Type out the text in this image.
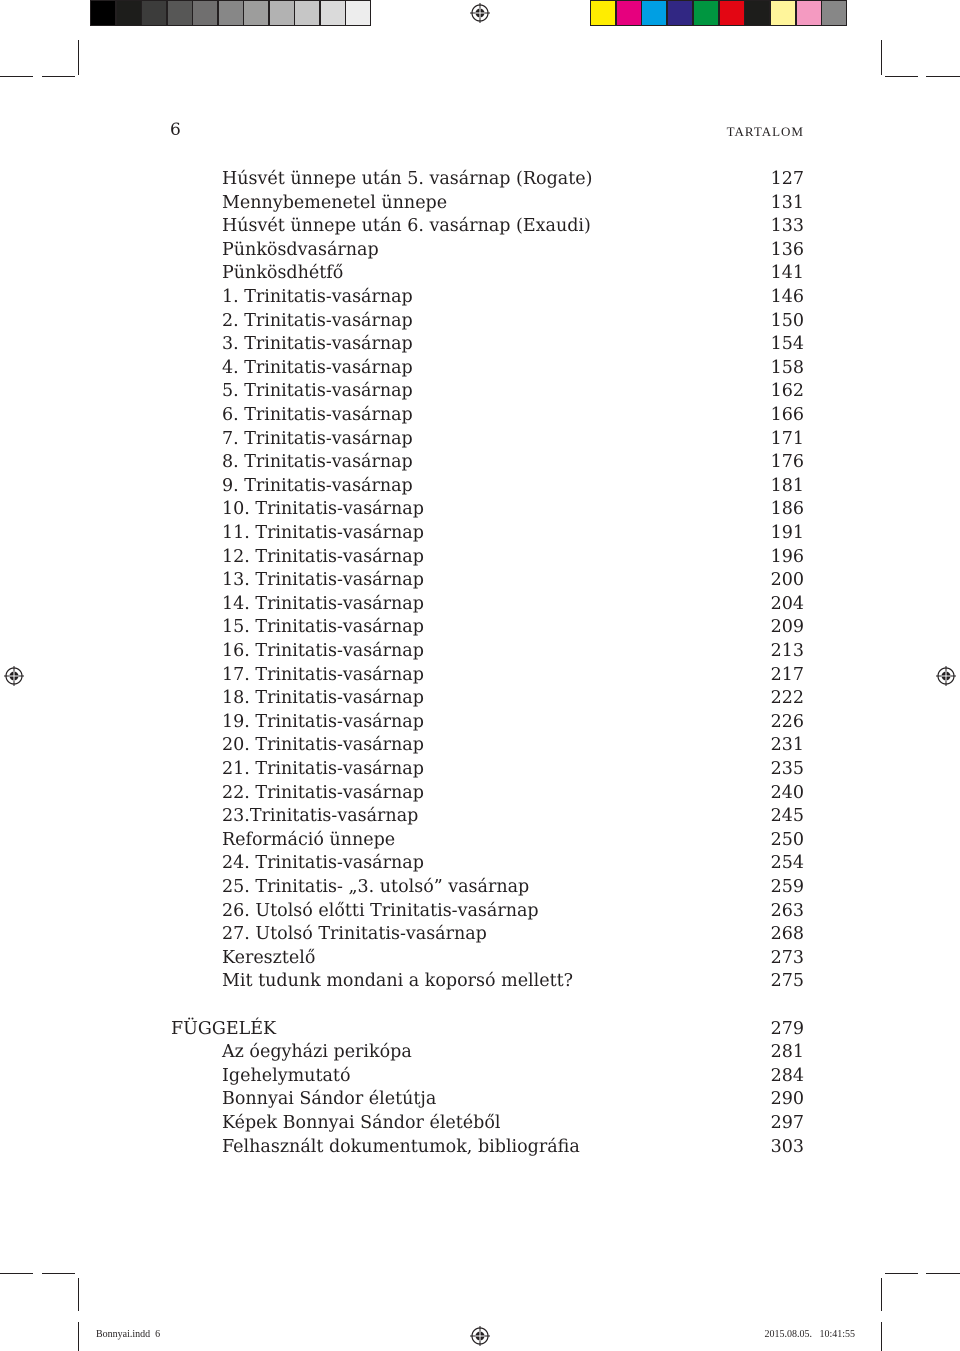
6	TARTALOM
Húsvét ünnepe után 5. vasárnap (Rogate)	127
Mennybemenetel ünnepe	131
Húsvét ünnepe után 6. vasárnap (Exaudi)	133
Pünkösdvasárnap	136
Pünkösdhétfő	141
1. Trinitatis-vasárnap	146
2. Trinitatis-vasárnap	150
3. Trinitatis-vasárnap	154
4. Trinitatis-vasárnap	158
5. Trinitatis-vasárnap	162
6. Trinitatis-vasárnap	166
7. Trinitatis-vasárnap	171
8. Trinitatis-vasárnap	176
9. Trinitatis-vasárnap	181
10. Trinitatis-vasárnap	186
11. Trinitatis-vasárnap	191
12. Trinitatis-vasárnap	196
13. Trinitatis-vasárnap	200
14. Trinitatis-vasárnap	204
15. Trinitatis-vasárnap	209
16. Trinitatis-vasárnap	213
17. Trinitatis-vasárnap	217
18. Trinitatis-vasárnap	222
19. Trinitatis-vasárnap	226
20. Trinitatis-vasárnap	231
21. Trinitatis-vasárnap	235
22. Trinitatis-vasárnap	240
23.Trinitatis-vasárnap	245
Reformáció ünnepe	250
24. Trinitatis-vasárnap	254
25. Trinitatis- „3. utolsó” vasárnap	259
26. Utolsó előtti Trinitatis-vasárnap	263
27. Utolsó Trinitatis-vasárnap	268
Keresztelő	273
Mit tudunk mondani a koporsó mellett?	275
FÜGGELÉK	279
Az óegyházi perikópa	281
Igehelymutató	284
Bonnyai Sándor életútja	290
Képek Bonnyai Sándor életéből	297
Felhasznált dokumentumok, bibliográfia	303
Bonnyai.indd 6	2015.08.05. 10:41:55
